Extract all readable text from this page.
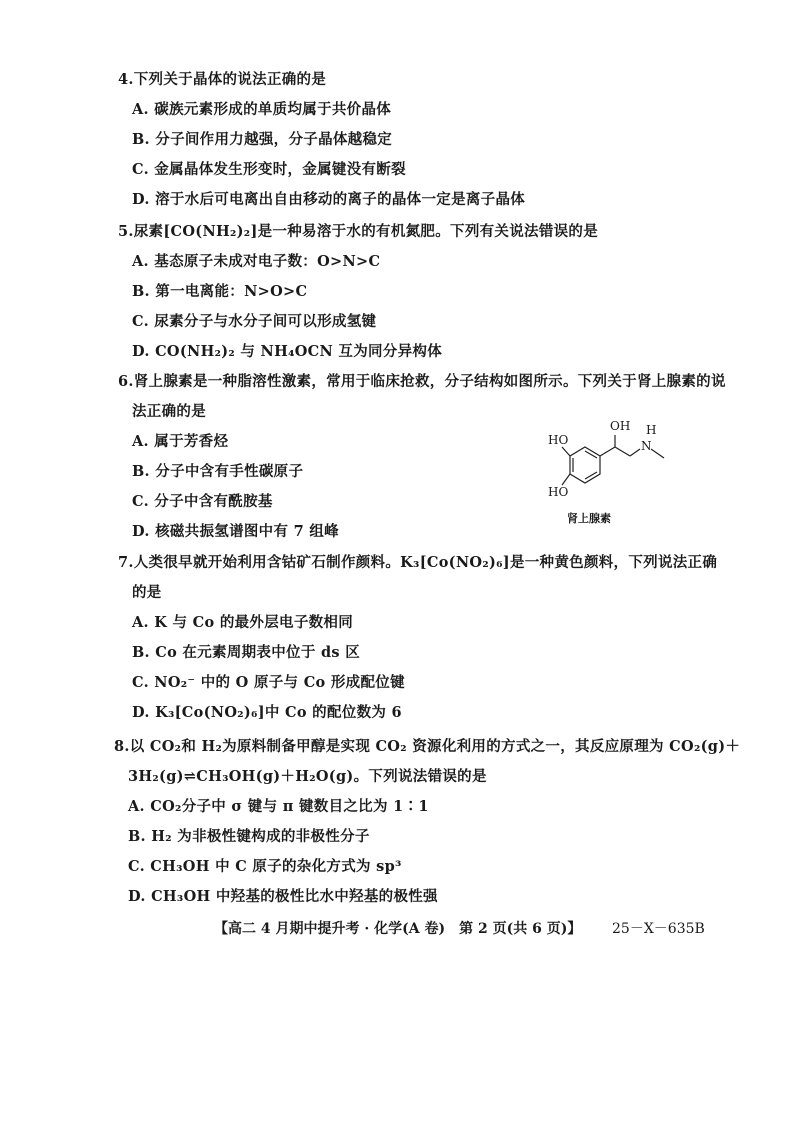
4.下列关于晶体的说法正确的是
A. 碳族元素形成的单质均属于共价晶体
B. 分子间作用力越强，分子晶体越稳定
C. 金属晶体发生形变时，金属键没有断裂
D. 溶于水后可电离出自由移动的离子的晶体一定是离子晶体
5.尿素[CO(NH₂)₂]是一种易溶于水的有机氮肥。下列有关说法错误的是
A. 基态原子未成对电子数：O>N>C
B. 第一电离能：N>O>C
C. 尿素分子与水分子间可以形成氢键
D. CO(NH₂)₂ 与 NH₄OCN 互为同分异构体
6.肾上腺素是一种脂溶性激素，常用于临床抢救，分子结构如图所示。下列关于肾上腺素的说
法正确的是
A. 属于芳香烃
B. 分子中含有手性碳原子
C. 分子中含有酰胺基
D. 核磁共振氢谱图中有 7 组峰
OH H
N
HO
HO
肾上腺素
7.人类很早就开始利用含钴矿石制作颜料。K₃[Co(NO₂)₆]是一种黄色颜料，下列说法正确
的是
A. K 与 Co 的最外层电子数相同
B. Co 在元素周期表中位于 ds 区
C. NO₂⁻ 中的 O 原子与 Co 形成配位键
D. K₃[Co(NO₂)₆]中 Co 的配位数为 6
8.以 CO₂和 H₂为原料制备甲醇是实现 CO₂ 资源化利用的方式之一，其反应原理为 CO₂(g)＋
3H₂(g)⇌CH₃OH(g)＋H₂O(g)。下列说法错误的是
A. CO₂分子中 σ 键与 π 键数目之比为 1∶1
B. H₂ 为非极性键构成的非极性分子
C. CH₃OH 中 C 原子的杂化方式为 sp³
D. CH₃OH 中羟基的极性比水中羟基的极性强
【高二 4 月期中提升考 · 化学(A 卷)　第 2 页(共 6 页)】 25－X－635B
